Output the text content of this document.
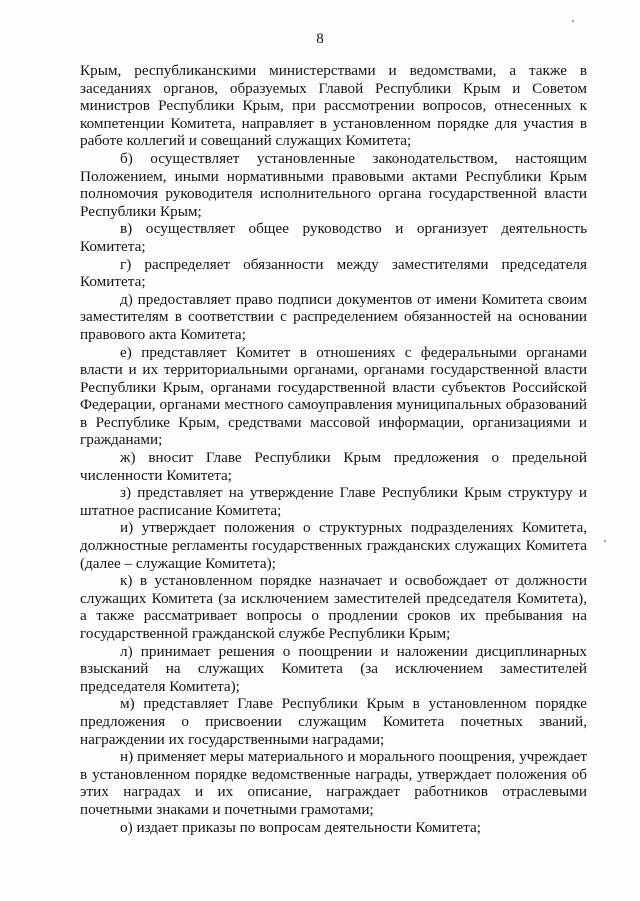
8

Крым, республиканскими министерствами и ведомствами, а также в заседаниях органов, образуемых Главой Республики Крым и Советом министров Республики Крым, при рассмотрении вопросов, отнесенных к компетенции Комитета, направляет в установленном порядке для участия в работе коллегий и совещаний служащих Комитета;

б) осуществляет установленные законодательством, настоящим Положением, иными нормативными правовыми актами Республики Крым полномочия руководителя исполнительного органа государственной власти Республики Крым;

в) осуществляет общее руководство и организует деятельность Комитета;

г) распределяет обязанности между заместителями председателя Комитета;

д) предоставляет право подписи документов от имени Комитета своим заместителям в соответствии с распределением обязанностей на основании правового акта Комитета;

е) представляет Комитет в отношениях с федеральными органами власти и их территориальными органами, органами государственной власти Республики Крым, органами государственной власти субъектов Российской Федерации, органами местного самоуправления муниципальных образований в Республике Крым, средствами массовой информации, организациями и гражданами;

ж) вносит Главе Республики Крым предложения о предельной численности Комитета;

з) представляет на утверждение Главе Республики Крым структуру и штатное расписание Комитета;

и) утверждает положения о структурных подразделениях Комитета, должностные регламенты государственных гражданских служащих Комитета (далее – служащие Комитета);

к) в установленном порядке назначает и освобождает от должности служащих Комитета (за исключением заместителей председателя Комитета), а также рассматривает вопросы о продлении сроков их пребывания на государственной гражданской службе Республики Крым;

л) принимает решения о поощрении и наложении дисциплинарных взысканий на служащих Комитета (за исключением заместителей председателя Комитета);

м) представляет Главе Республики Крым в установленном порядке предложения о присвоении служащим Комитета почетных званий, награждении их государственными наградами;

н) применяет меры материального и морального поощрения, учреждает в установленном порядке ведомственные награды, утверждает положения об этих наградах и их описание, награждает работников отраслевыми почетными знаками и почетными грамотами;

о) издает приказы по вопросам деятельности Комитета;
